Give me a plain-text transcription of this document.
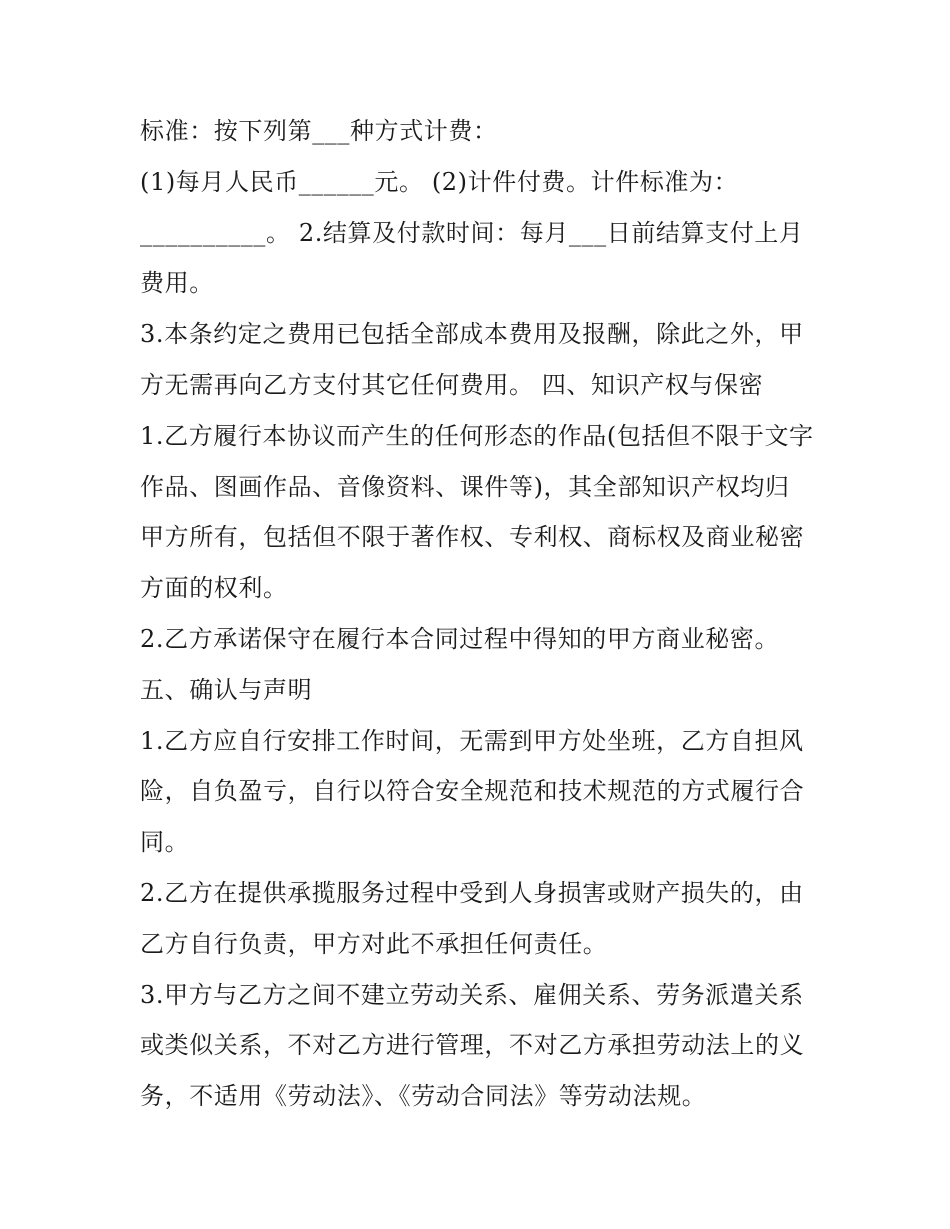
标准：按下列第___种方式计费：
(1)每月人民币______元。 (2)计件付费。计件标准为：
__________。 2.结算及付款时间：每月___日前结算支付上月
费用。
3.本条约定之费用已包括全部成本费用及报酬，除此之外，甲
方无需再向乙方支付其它任何费用。 四、知识产权与保密
1.乙方履行本协议而产生的任何形态的作品(包括但不限于文字
作品、图画作品、音像资料、课件等)，其全部知识产权均归
甲方所有，包括但不限于著作权、专利权、商标权及商业秘密
方面的权利。
2.乙方承诺保守在履行本合同过程中得知的甲方商业秘密。
五、确认与声明
1.乙方应自行安排工作时间，无需到甲方处坐班，乙方自担风
险，自负盈亏，自行以符合安全规范和技术规范的方式履行合
同。
2.乙方在提供承揽服务过程中受到人身损害或财产损失的，由
乙方自行负责，甲方对此不承担任何责任。
3.甲方与乙方之间不建立劳动关系、雇佣关系、劳务派遣关系
或类似关系，不对乙方进行管理，不对乙方承担劳动法上的义
务，不适用《劳动法》、《劳动合同法》等劳动法规。
